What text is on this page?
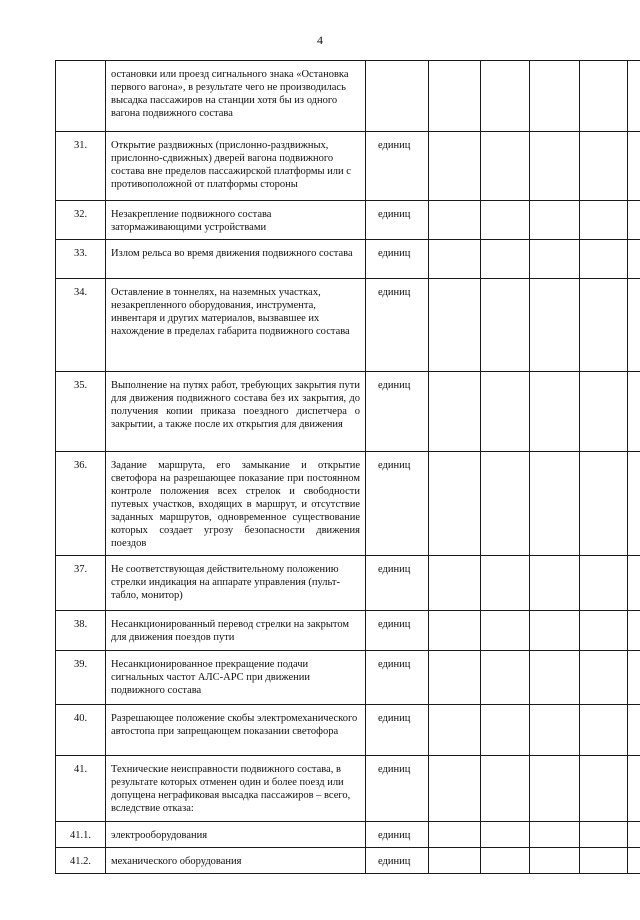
4
	остановки или проезд сигнального знака «Остановка первого вагона», в результате чего не производилась высадка пассажиров на станции хотя бы из одного вагона подвижного состава						
31.	Открытие раздвижных (прислонно-раздвижных, прислонно-сдвижных) дверей вагона подвижного состава вне пределов пассажирской платформы или с противоположной от платформы стороны	единиц					

32.	Незакрепление подвижного состава затормаживающими устройствами	единиц					
33.	Излом рельса во время движения подвижного состава	единиц					
34.	Оставление в тоннелях, на наземных участках, незакрепленного оборудования, инструмента, инвентаря и других материалов, вызвавшее их нахождение в пределах габарита подвижного состава	единиц					
35.	Выполнение на путях работ, требующих закрытия пути для движения подвижного состава без их закрытия, до получения копии приказа поездного диспетчера о закрытии, а также после их открытия для движения	единиц					
36.	Задание маршрута, его замыкание и открытие светофора на разрешающее показание при постоянном контроле положения всех стрелок и свободности путевых участков, входящих в маршрут, и отсутствие заданных маршрутов, одновременное существование которых создает угрозу безопасности движения поездов	единиц					
37.	Не соответствующая действительному положению стрелки индикация на аппарате управления (пульт-табло, монитор)	единиц					
38.	Несанкционированный перевод стрелки на закрытом для движения поездов пути	единиц					
39.	Несанкционированное прекращение подачи сигнальных частот АЛС-АРС при движении подвижного состава	единиц					
40.	Разрешающее положение скобы электромеханического автостопа при запрещающем показании светофора	единиц					
41.	Технические неисправности подвижного состава, в результате которых отменен один и более поезд или допущена неграфиковая высадка пассажиров – всего, вследствие отказа:	единиц					
41.1.	электрооборудования	единиц					
41.2.	механического оборудования	единиц					
